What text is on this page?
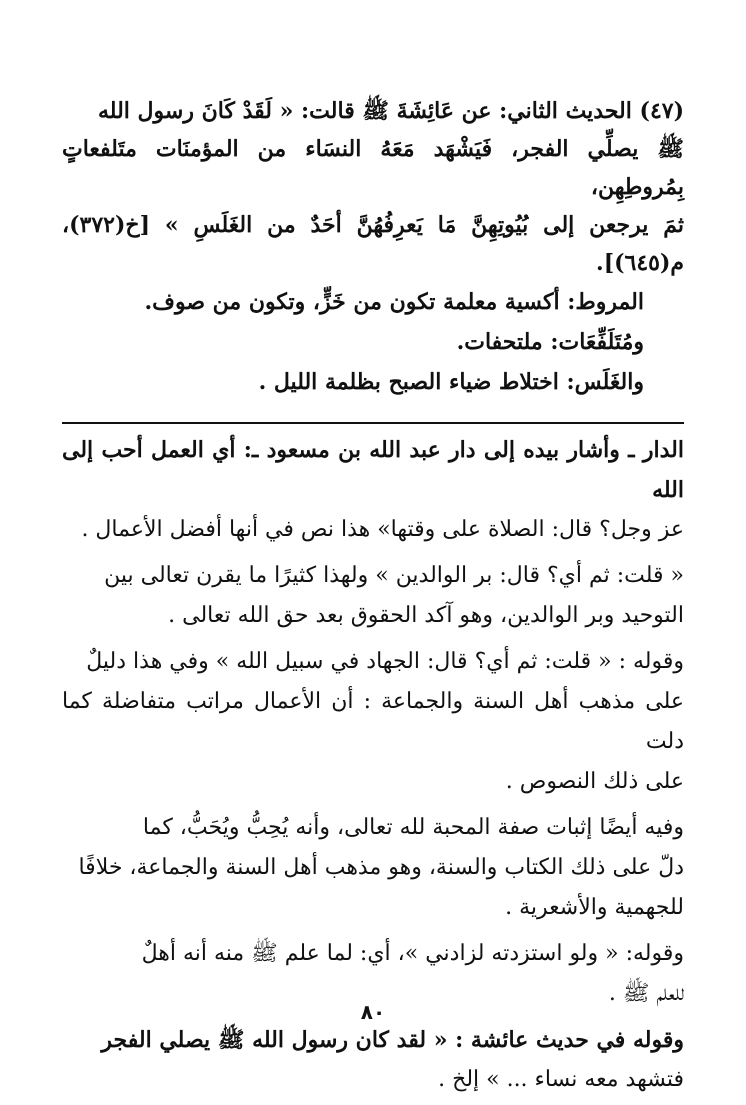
(٤٧) الحديث الثاني: عن عَائِشَةَ ﷺ قالت: « لَقَدْ كَانَ رسول الله

ﷺ يصلِّي الفجر، فَيَشْهَد مَعَهُ النسَاء من المؤمنَات متَلفعاتٍ بِمُروطِهِن،

ثمَ يرجعن إلى بُيُوتِهِنَّ مَا يَعرِفُهُنَّ أحَدٌ من الغَلَسِ » [خ(٣٧٢)، م(٦٤٥)].

المروط: أكسية معلمة تكون من خَزٍّ، وتكون من صوف.

ومُتَلَفِّعَات: ملتحفات.

والغَلَس: اختلاط ضياء الصبح بظلمة الليل .

الدار ـ وأشار بيده إلى دار عبد الله بن مسعود ـ: أي العمل أحب إلى الله

عز وجل؟ قال: الصلاة على وقتها» هذا نص في أنها أفضل الأعمال .

« قلت: ثم أي؟ قال: بر الوالدين » ولهذا كثيرًا ما يقرن تعالى بين

التوحيد وبر الوالدين، وهو آكد الحقوق بعد حق الله تعالى .

وقوله : « قلت: ثم أي؟ قال: الجهاد في سبيل الله » وفي هذا دليلٌ

على مذهب أهل السنة والجماعة : أن الأعمال مراتب متفاضلة كما دلت

على ذلك النصوص .

وفيه أيضًا إثبات صفة المحبة لله تعالى، وأنه يُحِبُّ ويُحَبُّ، كما

دلّ على ذلك الكتاب والسنة، وهو مذهب أهل السنة والجماعة، خلافًا

للجهمية والأشعرية .

وقوله: « ولو استزدته لزادني »، أي: لما علم ﷺ منه أنه أهلٌ

للعلم ﷺ .

وقوله في حديث عائشة : « لقد كان رسول الله ﷺ يصلي الفجر

فتشهد معه نساء ... » إلخ .

٨٠
